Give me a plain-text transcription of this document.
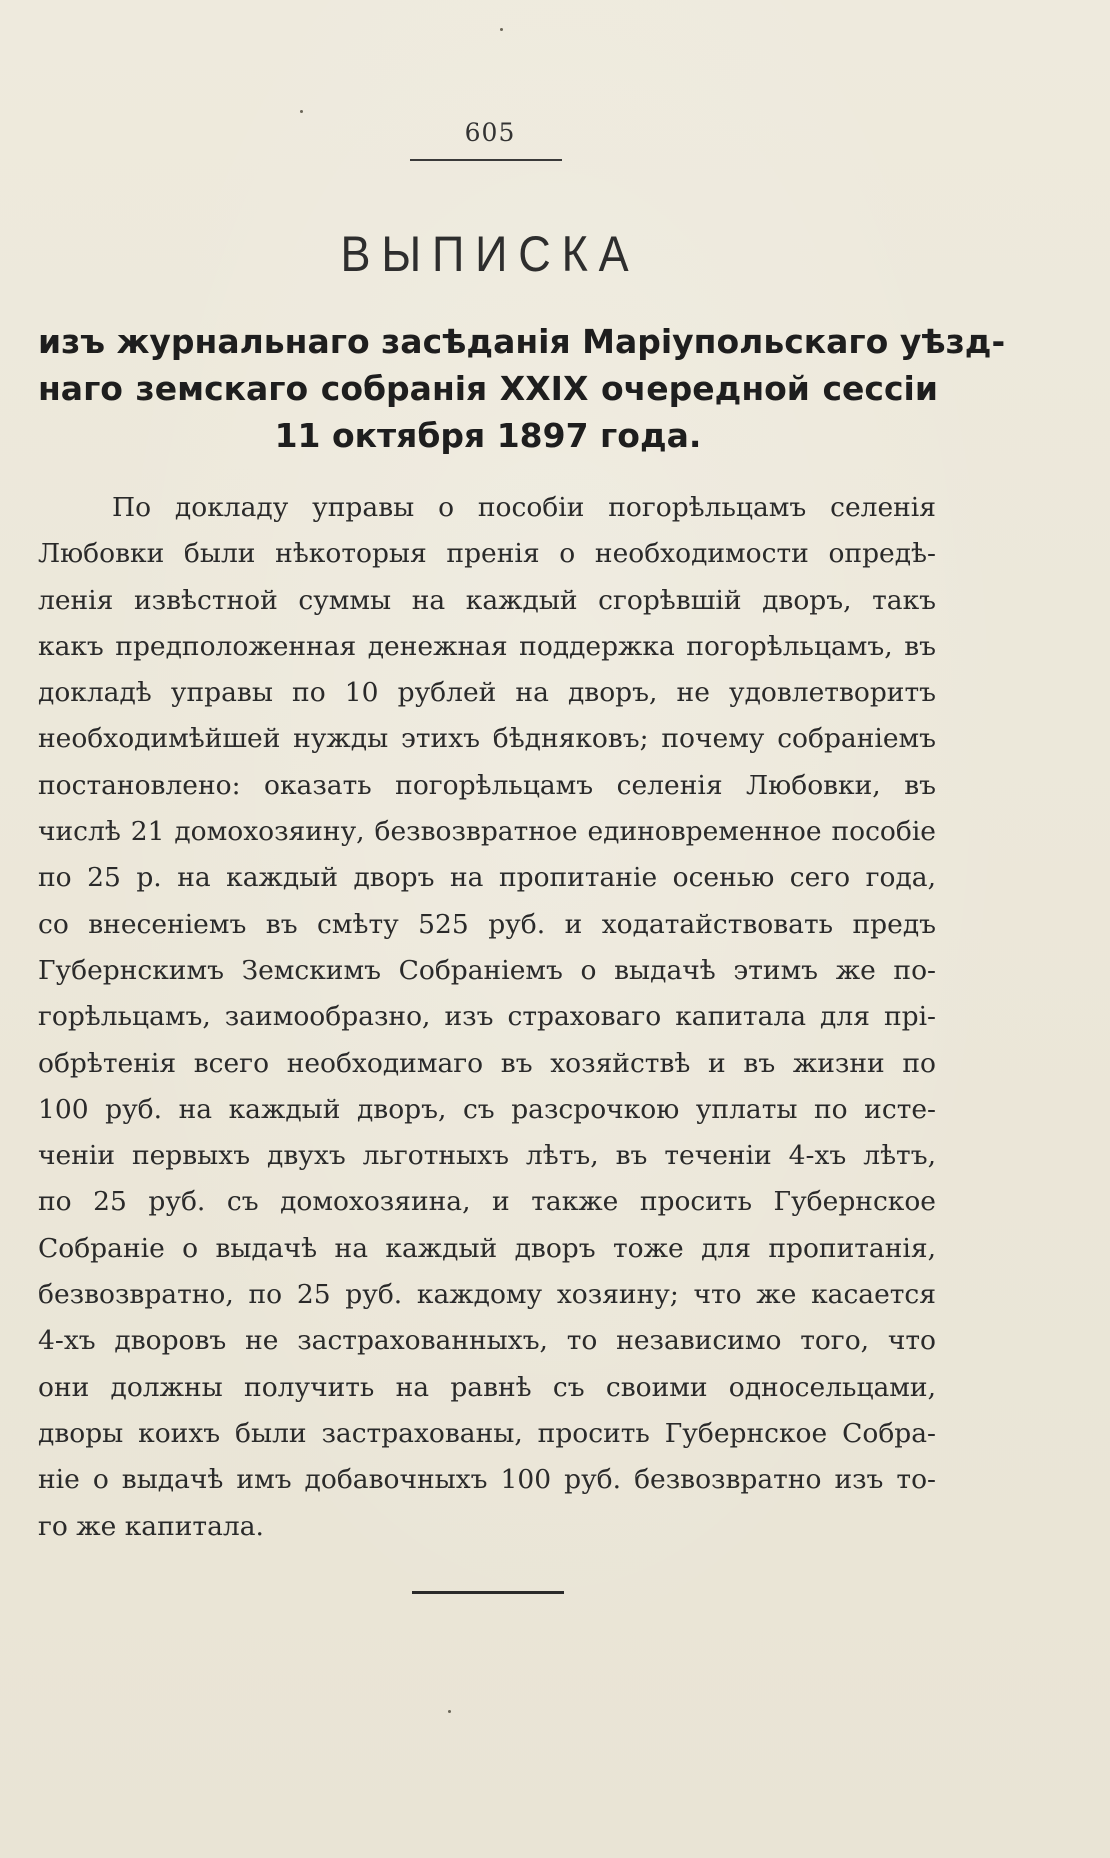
605
ВЫПИСКА
изъ журнальнаго засѣданія Маріупольскаго уѣзд-
наго земскаго собранія XXIX очередной сессіи
11 октября 1897 года.
По докладу управы о пособіи погорѣльцамъ селенія
Любовки были нѣкоторыя пренія о необходимости опредѣ-
ленія извѣстной суммы на каждый сгорѣвшій дворъ, такъ
какъ предположенная денежная поддержка погорѣльцамъ, въ
докладѣ управы по 10 рублей на дворъ, не удовлетворитъ
необходимѣйшей нужды этихъ бѣдняковъ; почему собраніемъ
постановлено: оказать погорѣльцамъ селенія Любовки, въ
числѣ 21 домохозяину, безвозвратное единовременное пособіе
по 25 р. на каждый дворъ на пропитаніе осенью сего года,
со внесеніемъ въ смѣту 525 руб. и ходатайствовать предъ
Губернскимъ Земскимъ Собраніемъ о выдачѣ этимъ же по-
горѣльцамъ, заимообразно, изъ страховаго капитала для прі-
обрѣтенія всего необходимаго въ хозяйствѣ и въ жизни по
100 руб. на каждый дворъ, съ разсрочкою уплаты по исте-
ченіи первыхъ двухъ льготныхъ лѣтъ, въ теченіи 4-хъ лѣтъ,
по 25 руб. съ домохозяина, и также просить Губернское
Собраніе о выдачѣ на каждый дворъ тоже для пропитанія,
безвозвратно, по 25 руб. каждому хозяину; что же касается
4-хъ дворовъ не застрахованныхъ, то независимо того, что
они должны получить на равнѣ съ своими односельцами,
дворы коихъ были застрахованы, просить Губернское Собра-
ніе о выдачѣ имъ добавочныхъ 100 руб. безвозвратно изъ то-
го же капитала.
